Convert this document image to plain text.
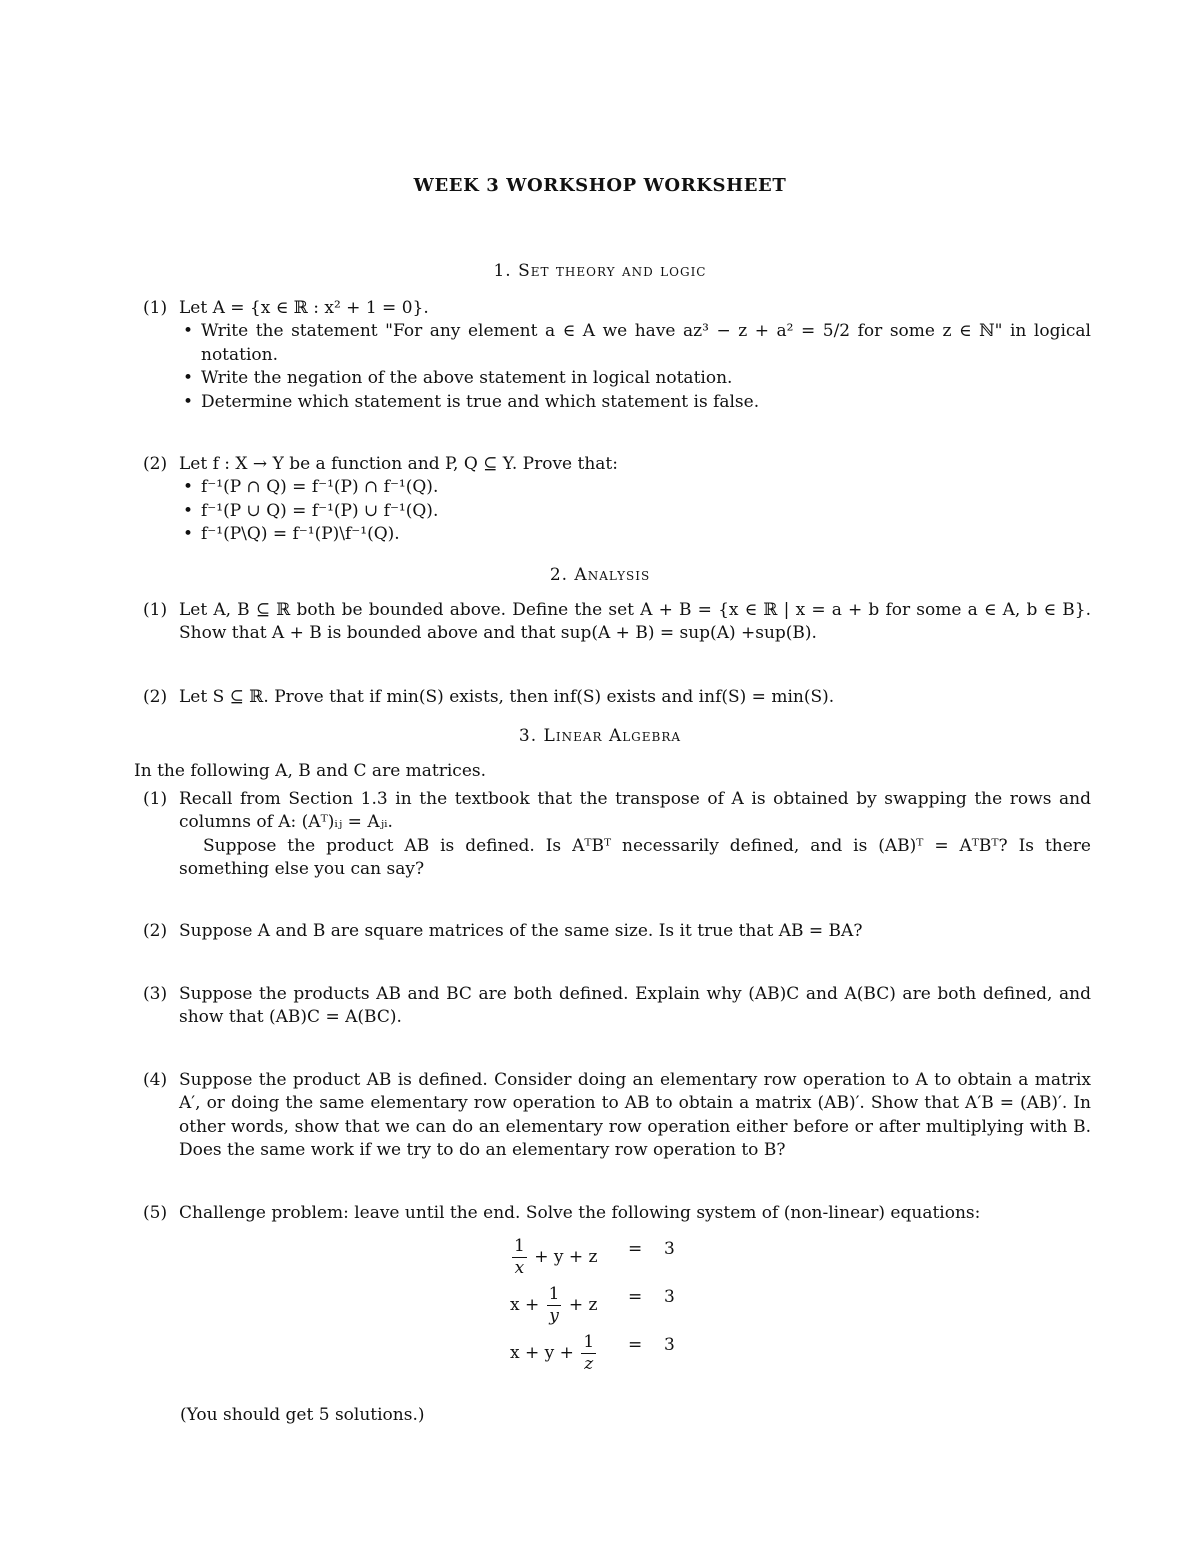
WEEK 3 WORKSHOP WORKSHEET
1. Set theory and logic
(1) Let A = {x ∈ ℝ : x² + 1 = 0}.
• Write the statement "For any element a ∈ A we have az³ − z + a² = 5/2 for some z ∈ ℕ" in logical notation.
• Write the negation of the above statement in logical notation.
• Determine which statement is true and which statement is false.
(2) Let f : X → Y be a function and P, Q ⊆ Y. Prove that:
• f⁻¹(P ∩ Q) = f⁻¹(P) ∩ f⁻¹(Q).
• f⁻¹(P ∪ Q) = f⁻¹(P) ∪ f⁻¹(Q).
• f⁻¹(P\Q) = f⁻¹(P)\f⁻¹(Q).
2. Analysis
(1) Let A, B ⊆ ℝ both be bounded above. Define the set A + B = {x ∈ ℝ | x = a + b for some a ∈ A, b ∈ B}. Show that A + B is bounded above and that sup(A + B) = sup(A) +sup(B).
(2) Let S ⊆ ℝ. Prove that if min(S) exists, then inf(S) exists and inf(S) = min(S).
3. Linear Algebra
In the following A, B and C are matrices.
(1) Recall from Section 1.3 in the textbook that the transpose of A is obtained by swapping the rows and columns of A: (Aᵀ)ᵢⱼ = Aⱼᵢ.
Suppose the product AB is defined. Is AᵀBᵀ necessarily defined, and is (AB)ᵀ = AᵀBᵀ? Is there something else you can say?
(2) Suppose A and B are square matrices of the same size. Is it true that AB = BA?
(3) Suppose the products AB and BC are both defined. Explain why (AB)C and A(BC) are both defined, and show that (AB)C = A(BC).
(4) Suppose the product AB is defined. Consider doing an elementary row operation to A to obtain a matrix A′, or doing the same elementary row operation to AB to obtain a matrix (AB)′. Show that A′B = (AB)′. In other words, show that we can do an elementary row operation either before or after multiplying with B. Does the same work if we try to do an elementary row operation to B?
(5) Challenge problem: leave until the end. Solve the following system of (non-linear) equations:
$\frac{1}{x} + y + z = 3$
$x + \frac{1}{y} + z = 3$
$x + y + \frac{1}{z} = 3$
(You should get 5 solutions.)
